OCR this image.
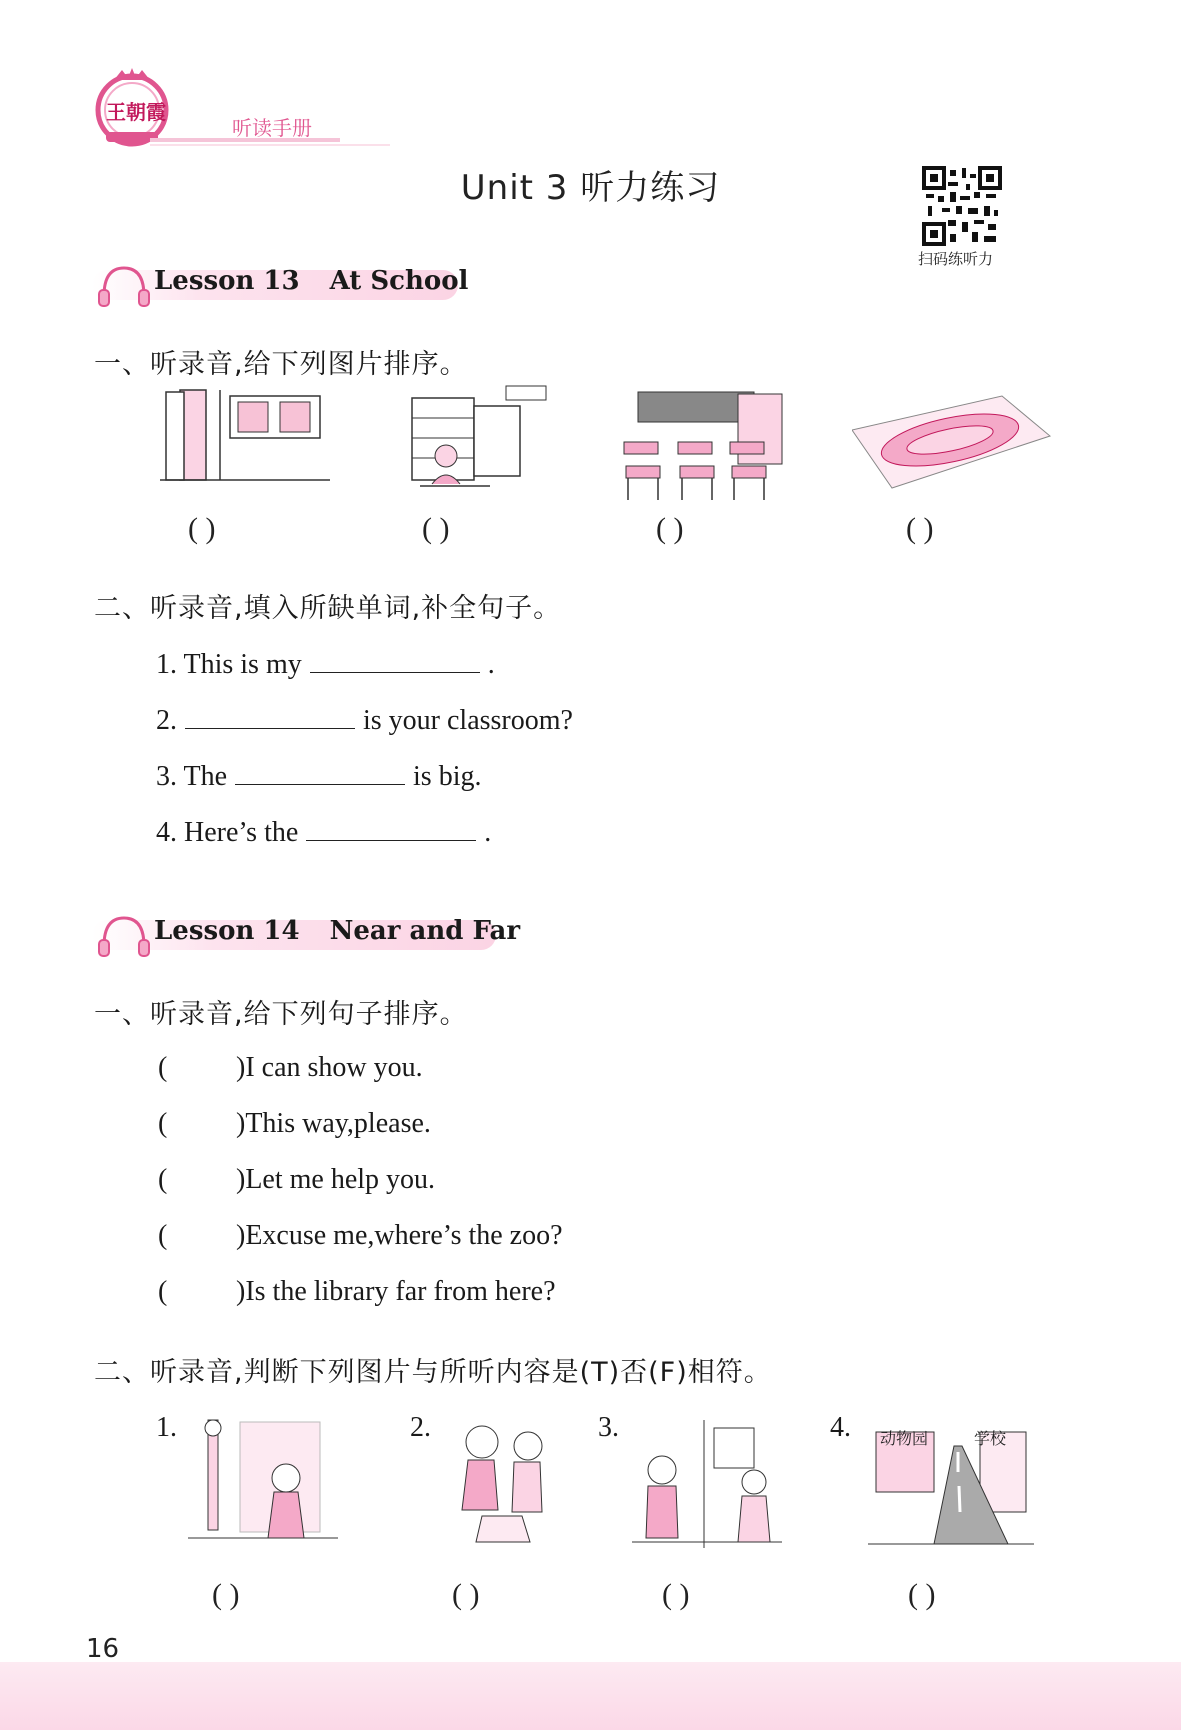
王朝霞
听读手册
Unit 3 听力练习
扫码练听力
Lesson 13 At School
一、听录音,给下列图片排序。
( )	( )	( )	( )
二、听录音,填入所缺单词,补全句子。
1. This is my	.
2.	is your classroom?
3. The	is big.
4. Here’s the	.
Lesson 14 Near and Far
一、听录音,给下列句子排序。
( )I can show you.
( )This way,please.
( )Let me help you.
( )Excuse me,where’s the zoo?
( )Is the library far from here?
二、听录音,判断下列图片与所听内容是(T)否(F)相符。
1.	2.	3.	4. 动物园	学校
( )	( )	( )	( )
16
